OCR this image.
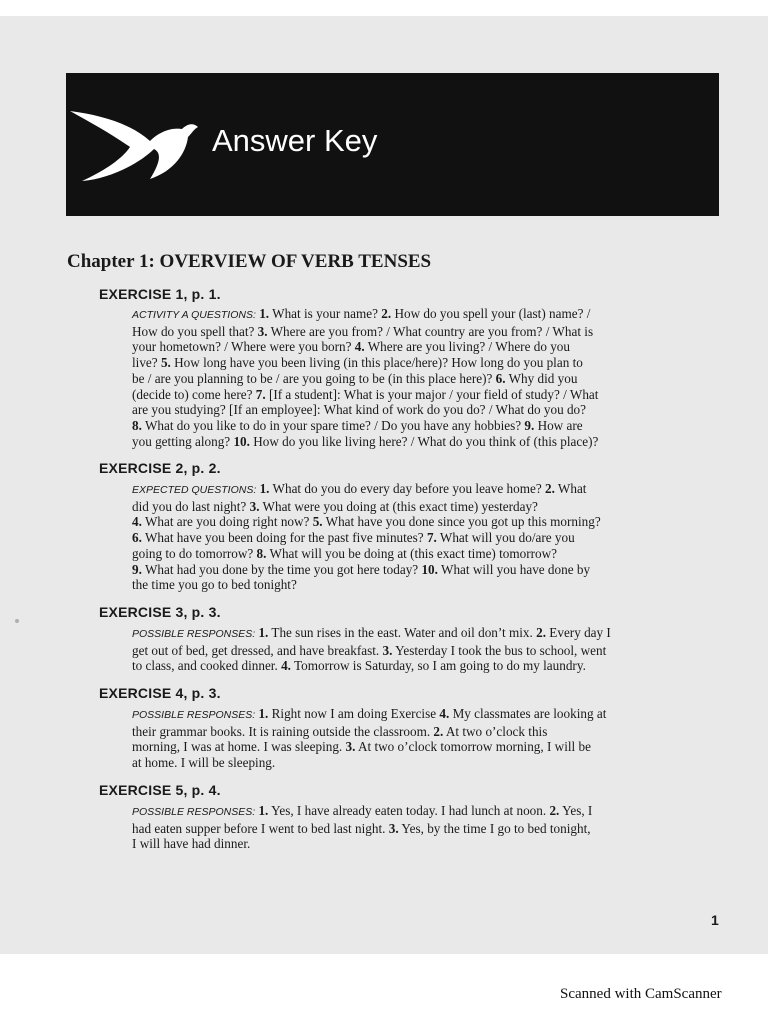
Answer Key
Chapter 1: OVERVIEW OF VERB TENSES
EXERCISE 1, p. 1.
ACTIVITY A QUESTIONS: 1. What is your name? 2. How do you spell your (last) name? /
How do you spell that? 3. Where are you from? / What country are you from? / What is
your hometown? / Where were you born? 4. Where are you living? / Where do you
live? 5. How long have you been living (in this place/here)? How long do you plan to
be / are you planning to be / are you going to be (in this place here)? 6. Why did you
(decide to) come here? 7. [If a student]: What is your major / your field of study? / What
are you studying? [If an employee]: What kind of work do you do? / What do you do?
8. What do you like to do in your spare time? / Do you have any hobbies? 9. How are
you getting along? 10. How do you like living here? / What do you think of (this place)?
EXERCISE 2, p. 2.
EXPECTED QUESTIONS: 1. What do you do every day before you leave home? 2. What
did you do last night? 3. What were you doing at (this exact time) yesterday?
4. What are you doing right now? 5. What have you done since you got up this morning?
6. What have you been doing for the past five minutes? 7. What will you do/are you
going to do tomorrow? 8. What will you be doing at (this exact time) tomorrow?
9. What had you done by the time you got here today? 10. What will you have done by
the time you go to bed tonight?
EXERCISE 3, p. 3.
POSSIBLE RESPONSES: 1. The sun rises in the east. Water and oil don’t mix. 2. Every day I
get out of bed, get dressed, and have breakfast. 3. Yesterday I took the bus to school, went
to class, and cooked dinner. 4. Tomorrow is Saturday, so I am going to do my laundry.
EXERCISE 4, p. 3.
POSSIBLE RESPONSES: 1. Right now I am doing Exercise 4. My classmates are looking at
their grammar books. It is raining outside the classroom. 2. At two o’clock this
morning, I was at home. I was sleeping. 3. At two o’clock tomorrow morning, I will be
at home. I will be sleeping.
EXERCISE 5, p. 4.
POSSIBLE RESPONSES: 1. Yes, I have already eaten today. I had lunch at noon. 2. Yes, I
had eaten supper before I went to bed last night. 3. Yes, by the time I go to bed tonight,
I will have had dinner.
1
Scanned with CamScanner
